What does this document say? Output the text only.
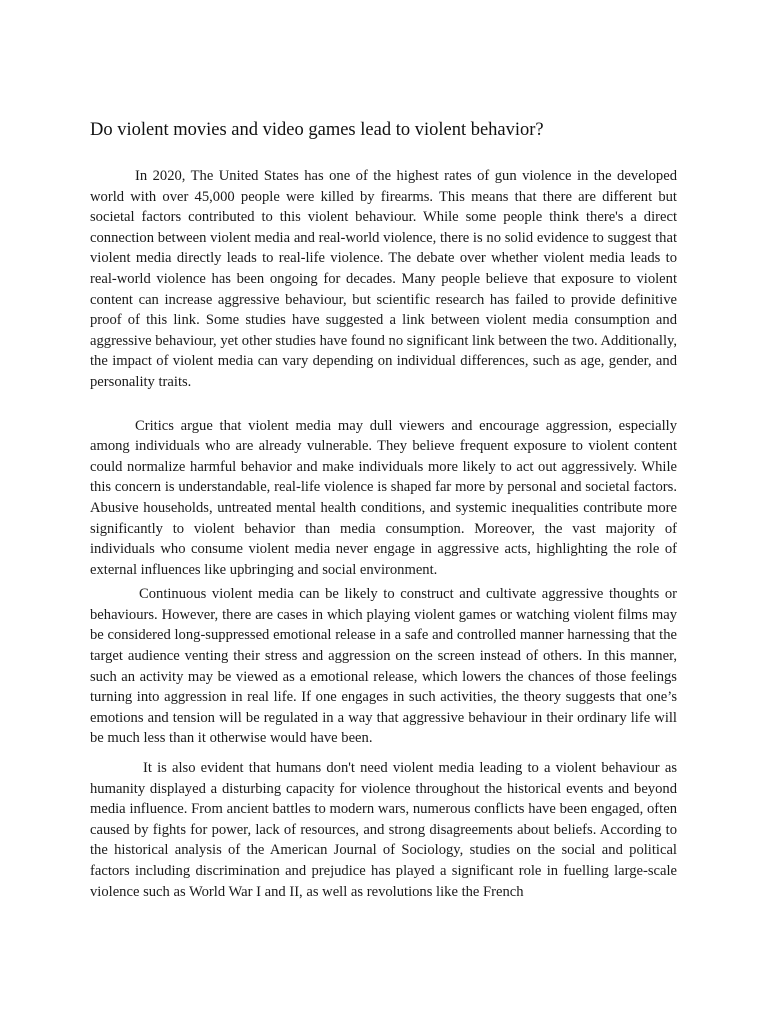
Do violent movies and video games lead to violent behavior?

In 2020, The United States has one of the highest rates of gun violence in the developed world with over 45,000 people were killed by firearms. This means that there are different but societal factors contributed to this violent behaviour. While some people think there's a direct connection between violent media and real-world violence, there is no solid evidence to suggest that violent media directly leads to real-life violence. The debate over whether violent media leads to real-world violence has been ongoing for decades. Many people believe that exposure to violent content can increase aggressive behaviour, but scientific research has failed to provide definitive proof of this link. Some studies have suggested a link between violent media consumption and aggressive behaviour, yet other studies have found no significant link between the two. Additionally, the impact of violent media can vary depending on individual differences, such as age, gender, and personality traits.

Critics argue that violent media may dull viewers and encourage aggression, especially among individuals who are already vulnerable. They believe frequent exposure to violent content could normalize harmful behavior and make individuals more likely to act out aggressively. While this concern is understandable, real-life violence is shaped far more by personal and societal factors. Abusive households, untreated mental health conditions, and systemic inequalities contribute more significantly to violent behavior than media consumption. Moreover, the vast majority of individuals who consume violent media never engage in aggressive acts, highlighting the role of external influences like upbringing and social environment.

Continuous violent media can be likely to construct and cultivate aggressive thoughts or behaviours. However, there are cases in which playing violent games or watching violent films may be considered long-suppressed emotional release in a safe and controlled manner harnessing that the target audience venting their stress and aggression on the screen instead of others. In this manner, such an activity may be viewed as a emotional release, which lowers the chances of those feelings turning into aggression in real life. If one engages in such activities, the theory suggests that one’s emotions and tension will be regulated in a way that aggressive behaviour in their ordinary life will be much less than it otherwise would have been.

It is also evident that humans don't need violent media leading to a violent behaviour as humanity displayed a disturbing capacity for violence throughout the historical events and beyond media influence. From ancient battles to modern wars, numerous conflicts have been engaged, often caused by fights for power, lack of resources, and strong disagreements about beliefs. According to the historical analysis of the American Journal of Sociology, studies on the social and political factors including discrimination and prejudice has played a significant role in fuelling large-scale violence such as World War I and II, as well as revolutions like the French
